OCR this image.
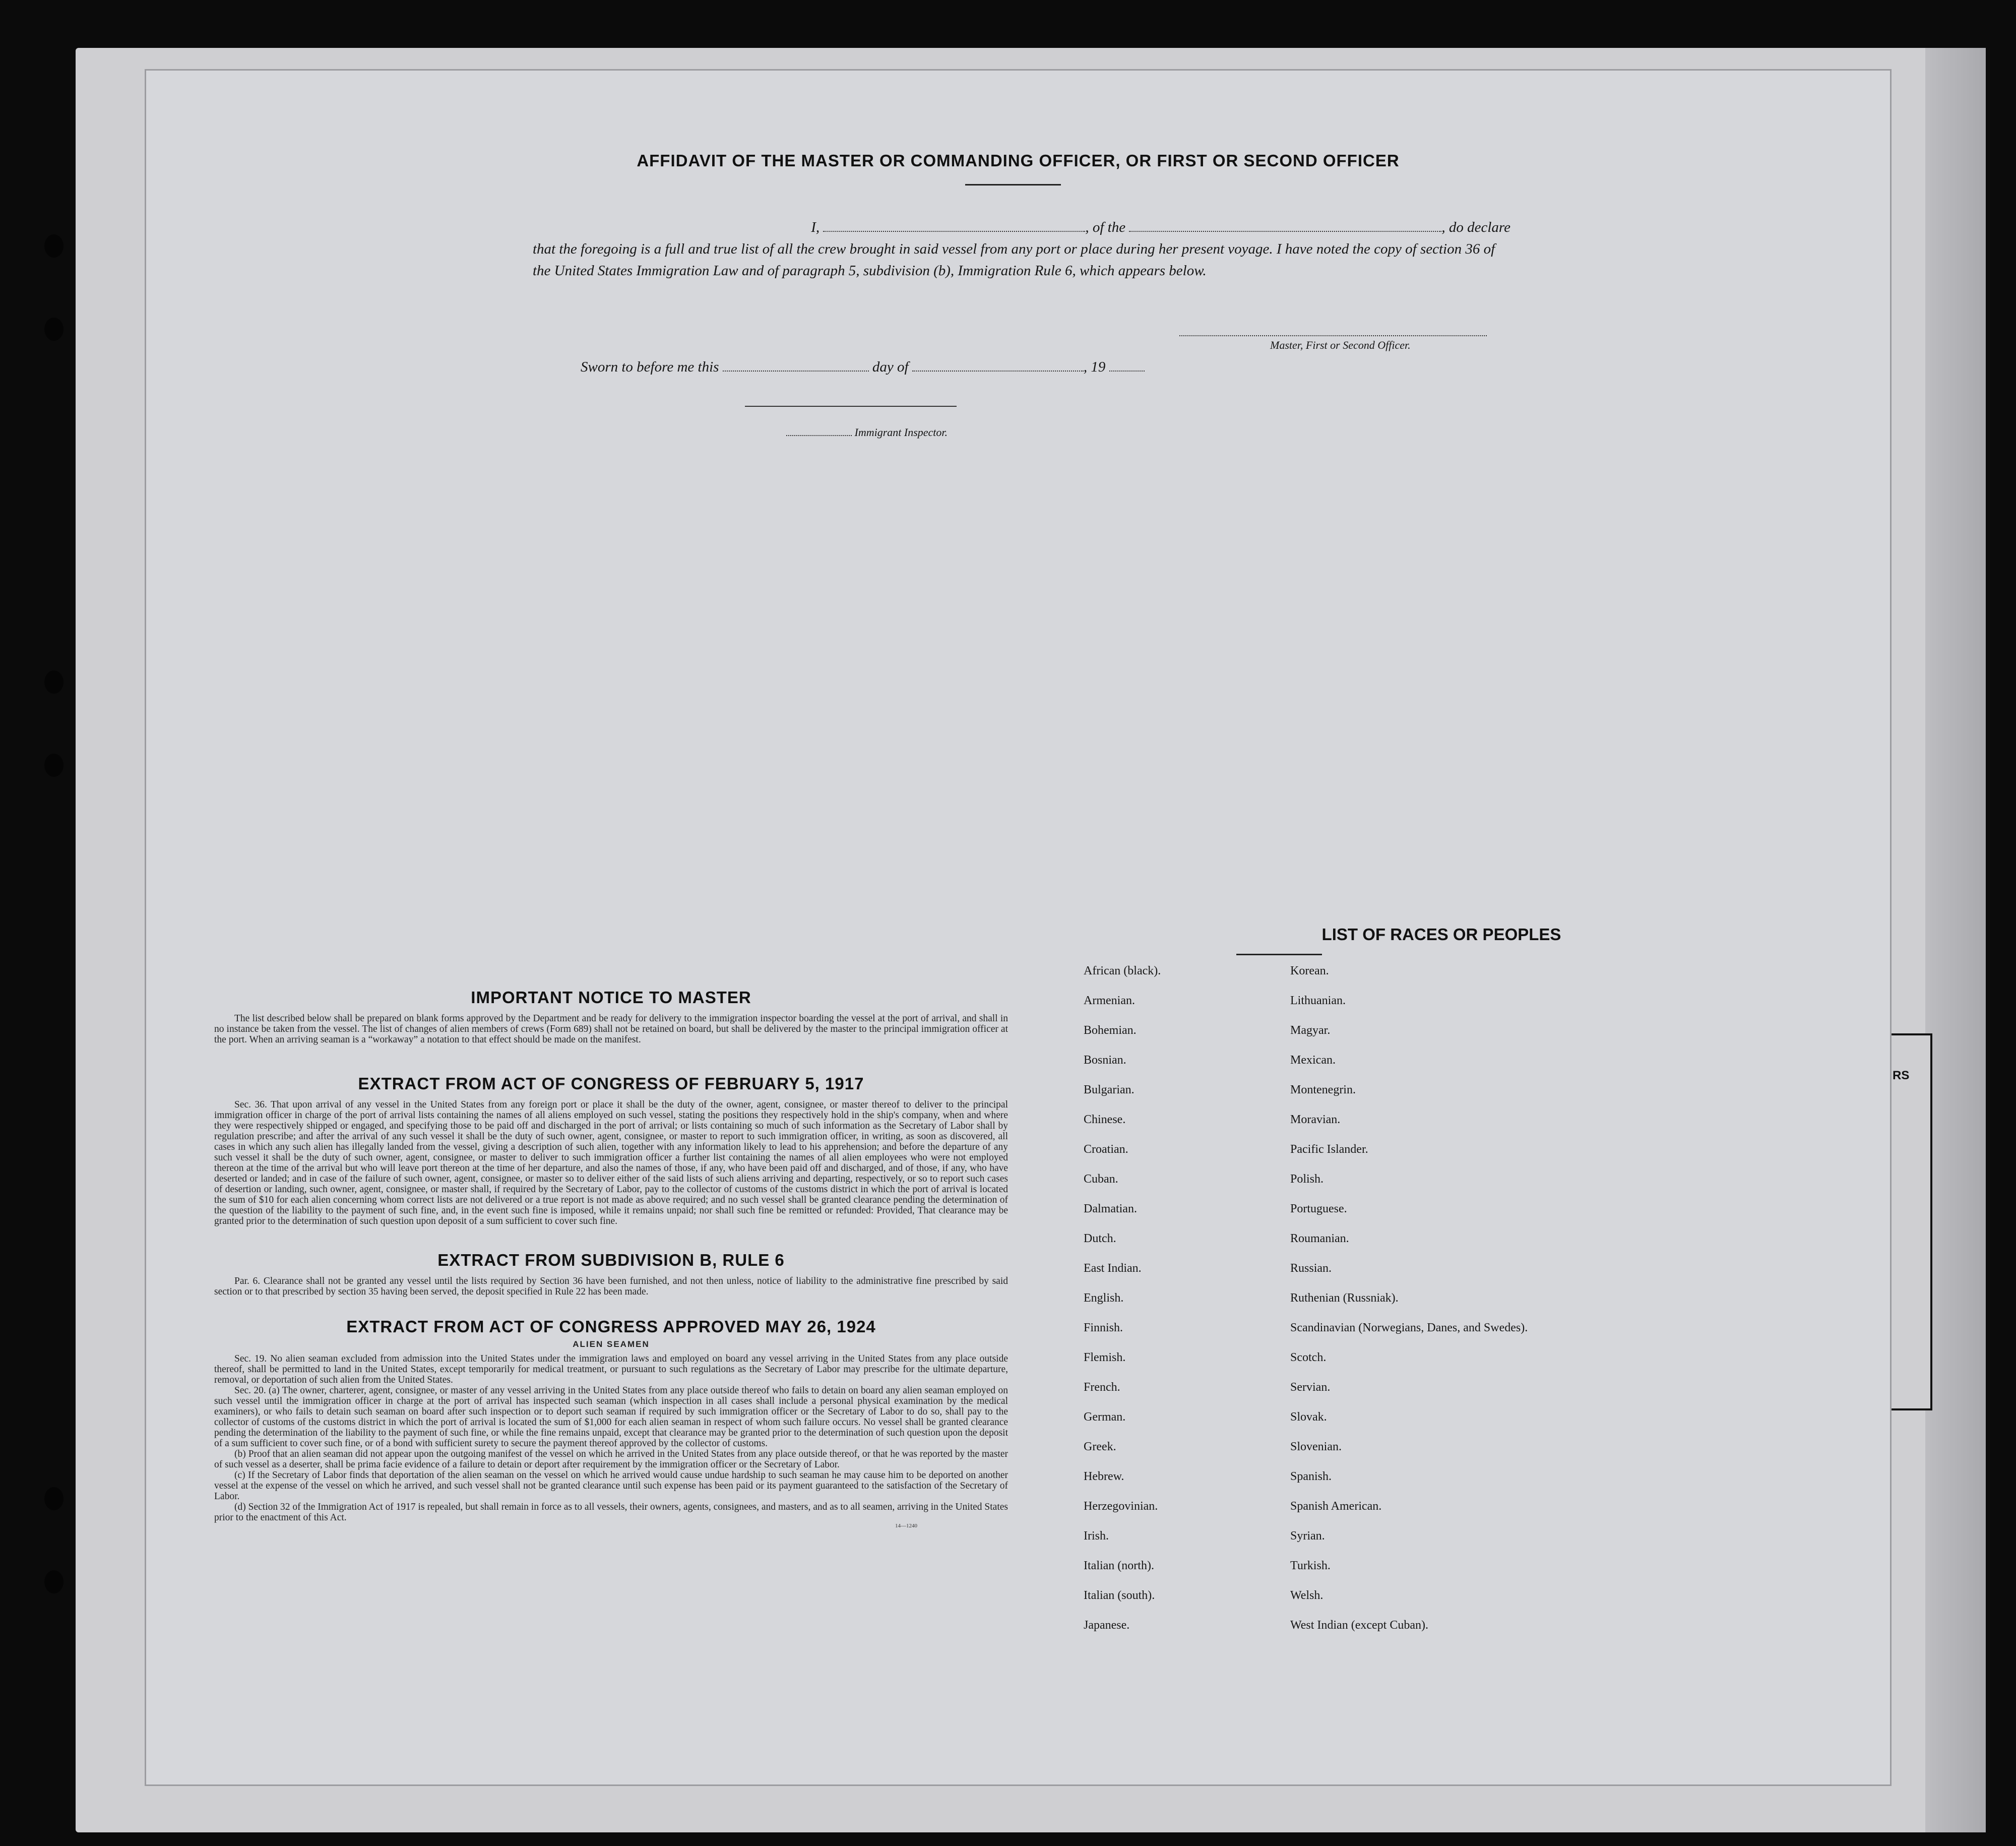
RS
AFFIDAVIT OF THE MASTER OR COMMANDING OFFICER, OR FIRST OR SECOND OFFICER
I,	, of the	, do declare
that the foregoing is a full and true list of all the crew brought in said vessel from any port or place during her present voyage. I have noted the copy of section 36 of the United States Immigration Law and of paragraph 5, subdivision (b), Immigration Rule 6, which appears below.
Master, First or Second Officer.
Sworn to before me this	day of	, 19
Immigrant Inspector.
IMPORTANT NOTICE TO MASTER

The list described below shall be prepared on blank forms approved by the Department and be ready for delivery to the immigration inspector boarding the vessel at the port of arrival, and shall in no instance be taken from the vessel. The list of changes of alien members of crews (Form 689) shall not be retained on board, but shall be delivered by the master to the principal immigration officer at the port. When an arriving seaman is a “workaway” a notation to that effect should be made on the manifest.

EXTRACT FROM ACT OF CONGRESS OF FEBRUARY 5, 1917

Sec. 36. That upon arrival of any vessel in the United States from any foreign port or place it shall be the duty of the owner, agent, consignee, or master thereof to deliver to the principal immigration officer in charge of the port of arrival lists containing the names of all aliens employed on such vessel, stating the positions they respectively hold in the ship's company, when and where they were respectively shipped or engaged, and specifying those to be paid off and discharged in the port of arrival; or lists containing so much of such information as the Secretary of Labor shall by regulation prescribe; and after the arrival of any such vessel it shall be the duty of such owner, agent, consignee, or master to report to such immigration officer, in writing, as soon as discovered, all cases in which any such alien has illegally landed from the vessel, giving a description of such alien, together with any information likely to lead to his apprehension; and before the departure of any such vessel it shall be the duty of such owner, agent, consignee, or master to deliver to such immigration officer a further list containing the names of all alien employees who were not employed thereon at the time of the arrival but who will leave port thereon at the time of her departure, and also the names of those, if any, who have been paid off and discharged, and of those, if any, who have deserted or landed; and in case of the failure of such owner, agent, consignee, or master so to deliver either of the said lists of such aliens arriving and departing, respectively, or so to report such cases of desertion or landing, such owner, agent, consignee, or master shall, if required by the Secretary of Labor, pay to the collector of customs of the customs district in which the port of arrival is located the sum of $10 for each alien concerning whom correct lists are not delivered or a true report is not made as above required; and no such vessel shall be granted clearance pending the determination of the question of the liability to the payment of such fine, and, in the event such fine is imposed, while it remains unpaid; nor shall such fine be remitted or refunded: Provided, That clearance may be granted prior to the determination of such question upon deposit of a sum sufficient to cover such fine.

EXTRACT FROM SUBDIVISION B, RULE 6

Par. 6. Clearance shall not be granted any vessel until the lists required by Section 36 have been furnished, and not then unless, notice of liability to the administrative fine prescribed by said section or to that prescribed by section 35 having been served, the deposit specified in Rule 22 has been made.

EXTRACT FROM ACT OF CONGRESS APPROVED MAY 26, 1924
ALIEN SEAMEN

Sec. 19. No alien seaman excluded from admission into the United States under the immigration laws and employed on board any vessel arriving in the United States from any place outside thereof, shall be permitted to land in the United States, except temporarily for medical treatment, or pursuant to such regulations as the Secretary of Labor may prescribe for the ultimate departure, removal, or deportation of such alien from the United States.

Sec. 20. (a) The owner, charterer, agent, consignee, or master of any vessel arriving in the United States from any place outside thereof who fails to detain on board any alien seaman employed on such vessel until the immigration officer in charge at the port of arrival has inspected such seaman (which inspection in all cases shall include a personal physical examination by the medical examiners), or who fails to detain such seaman on board after such inspection or to deport such seaman if required by such immigration officer or the Secretary of Labor to do so, shall pay to the collector of customs of the customs district in which the port of arrival is located the sum of $1,000 for each alien seaman in respect of whom such failure occurs. No vessel shall be granted clearance pending the determination of the liability to the payment of such fine, or while the fine remains unpaid, except that clearance may be granted prior to the determination of such question upon the deposit of a sum sufficient to cover such fine, or of a bond with sufficient surety to secure the payment thereof approved by the collector of customs.

(b) Proof that an alien seaman did not appear upon the outgoing manifest of the vessel on which he arrived in the United States from any place outside thereof, or that he was reported by the master of such vessel as a deserter, shall be prima facie evidence of a failure to detain or deport after requirement by the immigration officer or the Secretary of Labor.

(c) If the Secretary of Labor finds that deportation of the alien seaman on the vessel on which he arrived would cause undue hardship to such seaman he may cause him to be deported on another vessel at the expense of the vessel on which he arrived, and such vessel shall not be granted clearance until such expense has been paid or its payment guaranteed to the satisfaction of the Secretary of Labor.

(d) Section 32 of the Immigration Act of 1917 is repealed, but shall remain in force as to all vessels, their owners, agents, consignees, and masters, and as to all seamen, arriving in the United States prior to the enactment of this Act.

14—1240
LIST OF RACES OR PEOPLES
African (black).	Korean.
Armenian.	Lithuanian.
Bohemian.	Magyar.
Bosnian.	Mexican.
Bulgarian.	Montenegrin.
Chinese.	Moravian.
Croatian.	Pacific Islander.
Cuban.	Polish.
Dalmatian.	Portuguese.
Dutch.	Roumanian.
East Indian.	Russian.
English.	Ruthenian (Russniak).
Finnish.	Scandinavian (Norwegians, Danes, and Swedes).
Flemish.	Scotch.
French.	Servian.
German.	Slovak.
Greek.	Slovenian.
Hebrew.	Spanish.
Herzegovinian.	Spanish American.
Irish.	Syrian.
Italian (north).	Turkish.
Italian (south).	Welsh.
Japanese.	West Indian (except Cuban).
